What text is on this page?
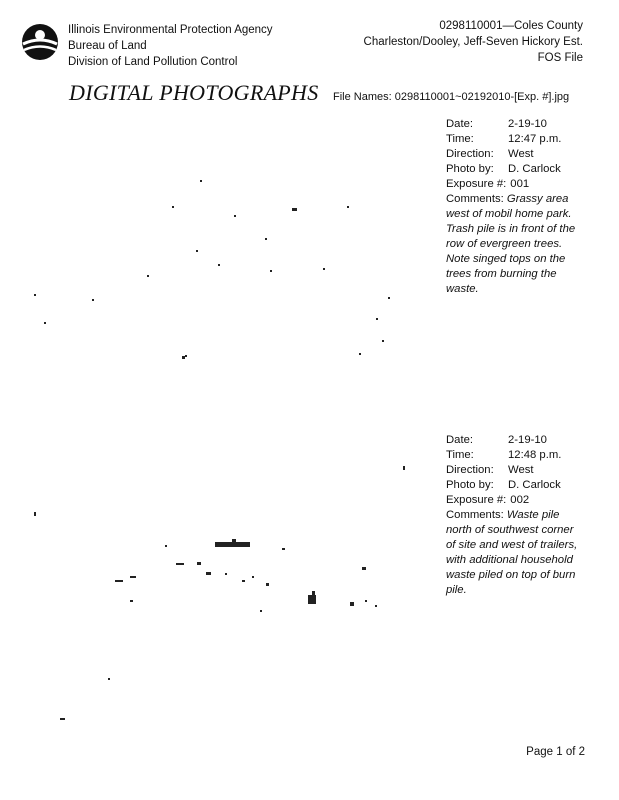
Illinois Environmental Protection Agency
Bureau of Land
Division of Land Pollution Control
0298110001—Coles County
Charleston/Dooley, Jeff-Seven Hickory Est.
FOS File
DIGITAL PHOTOGRAPHS File Names: 0298110001~02192010-[Exp. #].jpg
Date:	2-19-10
Time:	12:47 p.m.
Direction:	West
Photo by:	D. Carlock
Exposure #: 001
Comments: Grassy area west of mobil home park. Trash pile is in front of the row of evergreen trees. Note singed tops on the trees from burning the waste.
Date:	2-19-10
Time:	12:48 p.m.
Direction:	West
Photo by:	D. Carlock
Exposure #: 002
Comments: Waste pile north of southwest corner of site and west of trailers, with additional household waste piled on top of burn pile.
Page 1 of 2
